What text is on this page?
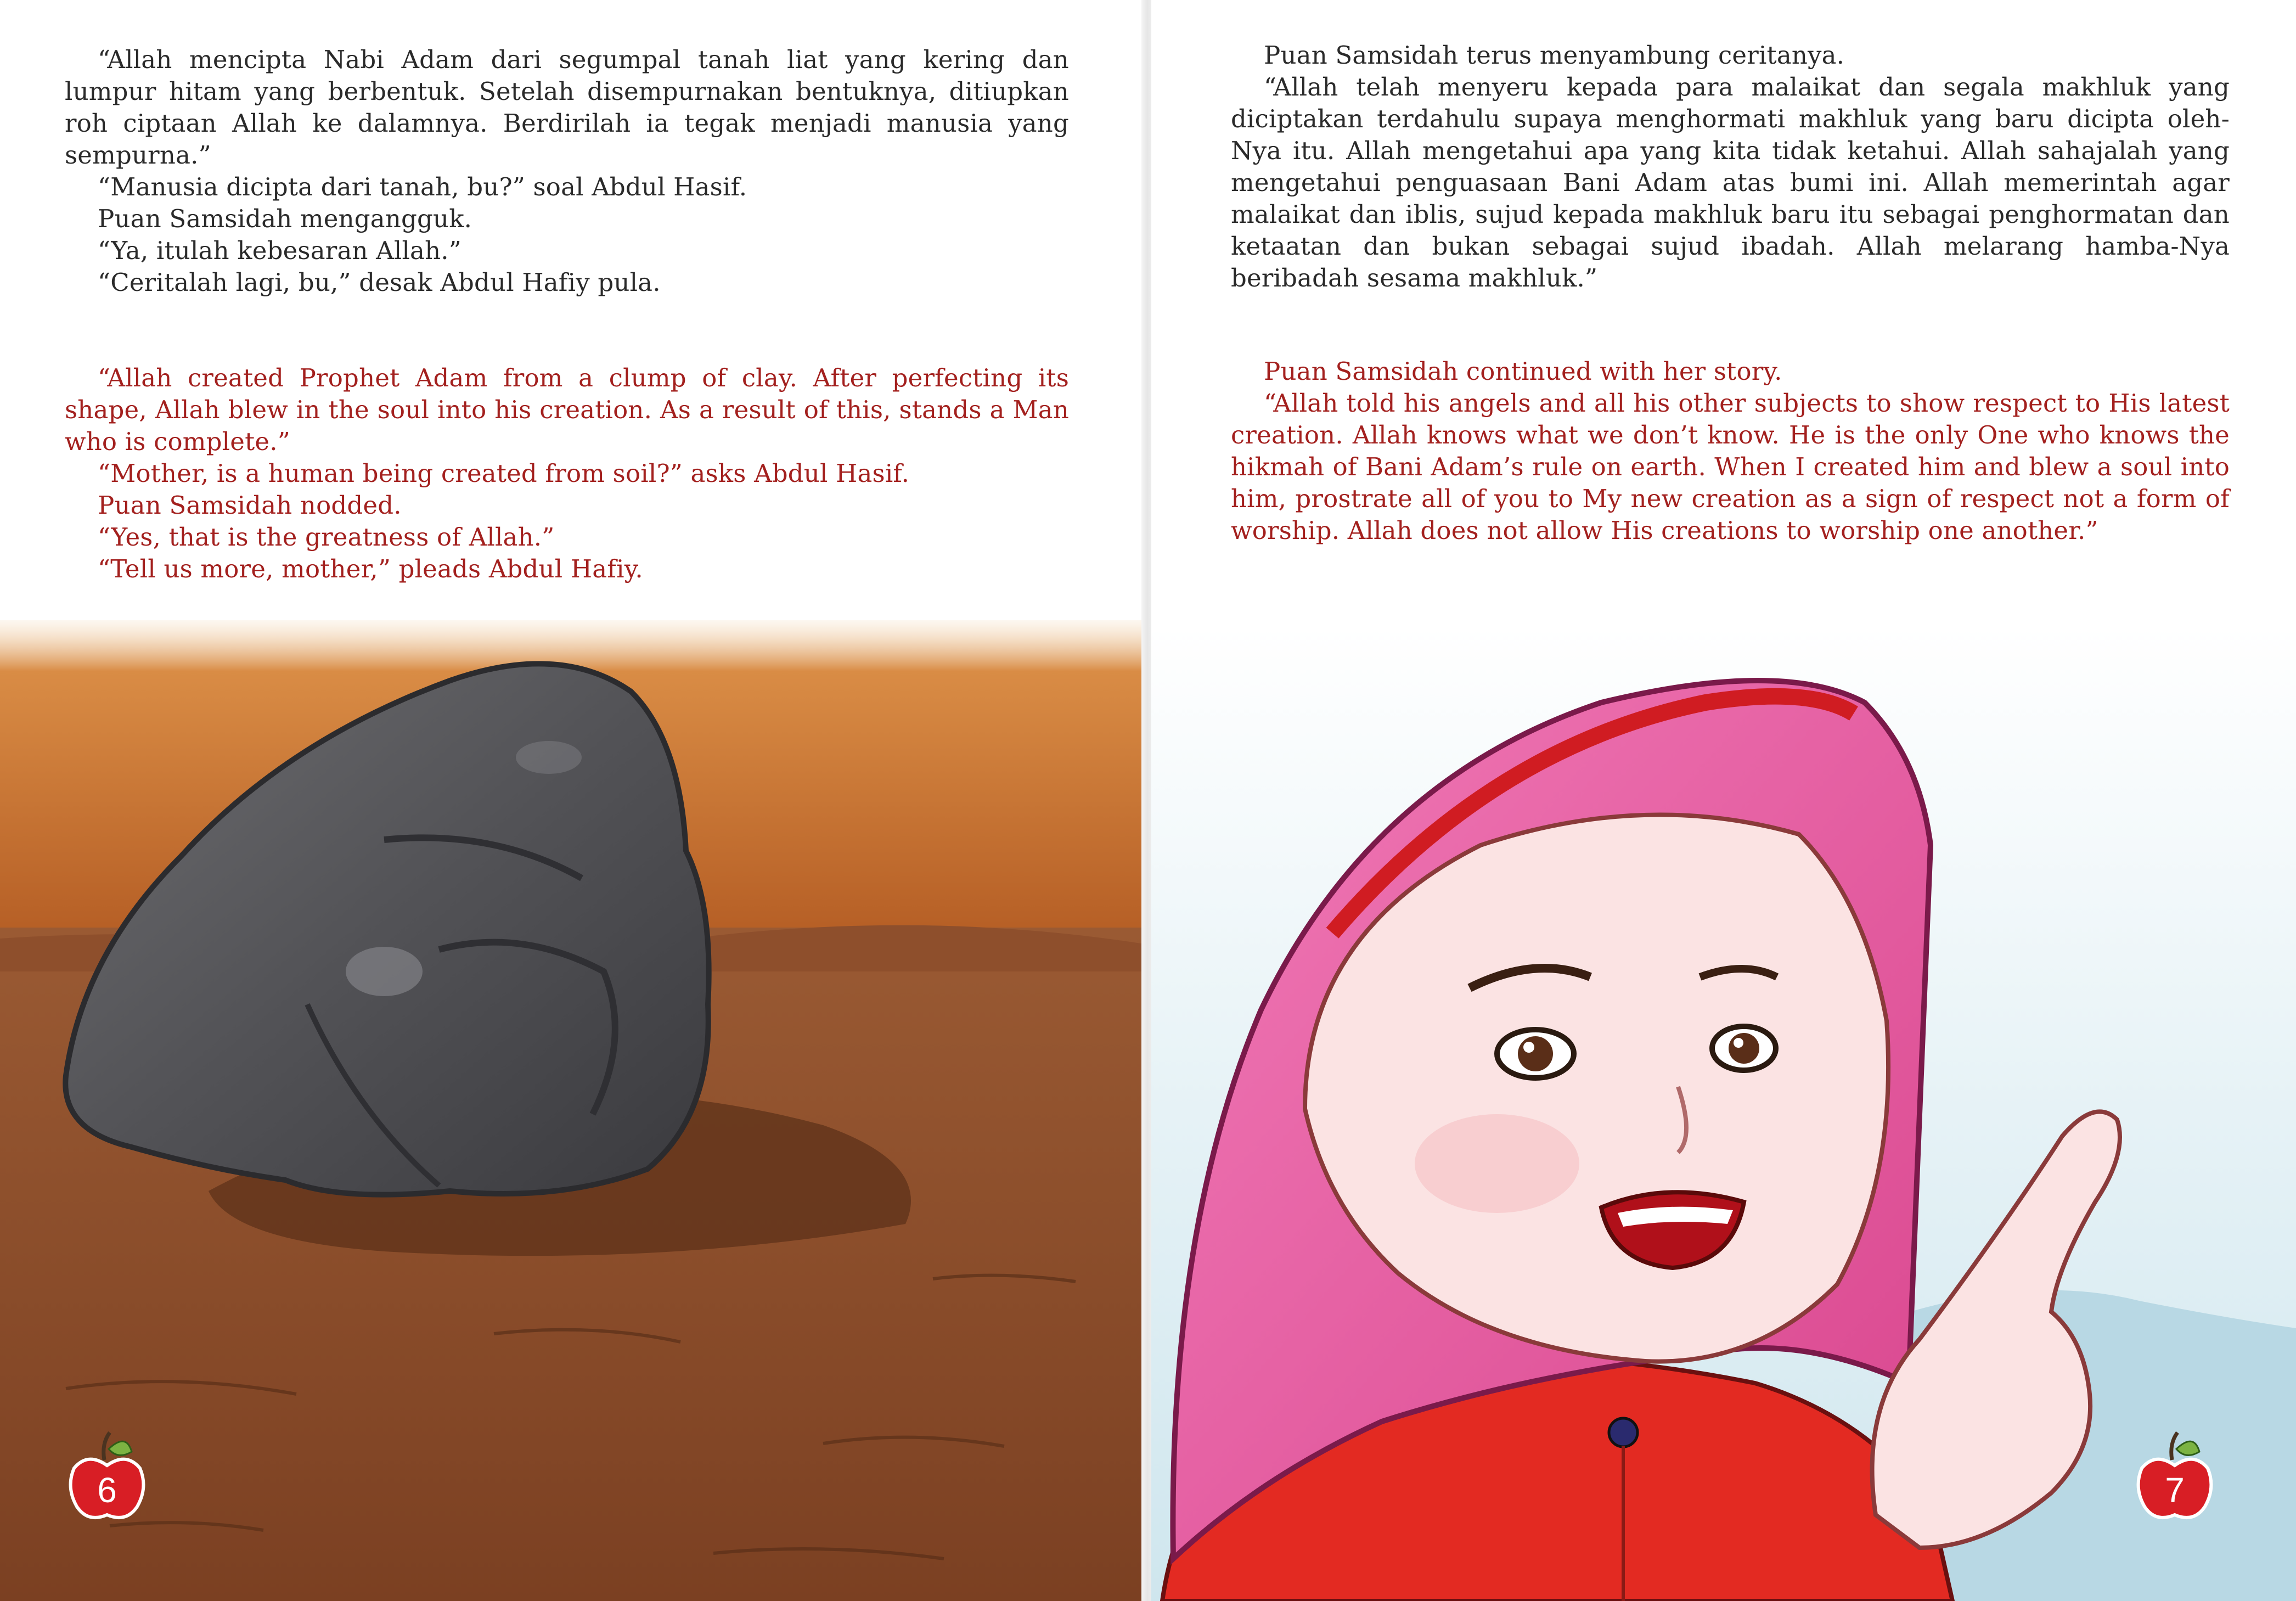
“Allah mencipta Nabi Adam dari segumpal tanah liat yang kering dan lumpur hitam yang berbentuk. Setelah disempurnakan bentuknya, ditiupkan roh ciptaan Allah ke dalamnya. Berdirilah ia tegak menjadi manusia yang sempurna.”

“Manusia dicipta dari tanah, bu?” soal Abdul Hasif.

Puan Samsidah mengangguk.

“Ya, itulah kebesaran Allah.”

“Ceritalah lagi, bu,” desak Abdul Hafiy pula.

“Allah created Prophet Adam from a clump of clay. After perfecting its shape, Allah blew in the soul into his creation. As a result of this, stands a Man who is complete.”

“Mother, is a human being created from soil?” asks Abdul Hasif.

Puan Samsidah nodded.

“Yes, that is the greatness of Allah.”

“Tell us more, mother,” pleads Abdul Hafiy.

6

Puan Samsidah terus menyambung ceritanya.

“Allah telah menyeru kepada para malaikat dan segala makhluk yang diciptakan terdahulu supaya menghormati makhluk yang baru dicipta oleh-Nya itu. Allah mengetahui apa yang kita tidak ketahui. Allah sahajalah yang mengetahui penguasaan Bani Adam atas bumi ini. Allah memerintah agar malaikat dan iblis, sujud kepada makhluk baru itu sebagai penghormatan dan ketaatan dan bukan sebagai sujud ibadah. Allah melarang hamba-Nya beribadah sesama makhluk.”

Puan Samsidah continued with her story.

“Allah told his angels and all his other subjects to show respect to His latest creation. Allah knows what we don’t know. He is the only One who knows the hikmah of Bani Adam’s rule on earth. When I created him and blew a soul into him, prostrate all of you to My new creation as a sign of respect not a form of worship. Allah does not allow His creations to worship one another.”

7
